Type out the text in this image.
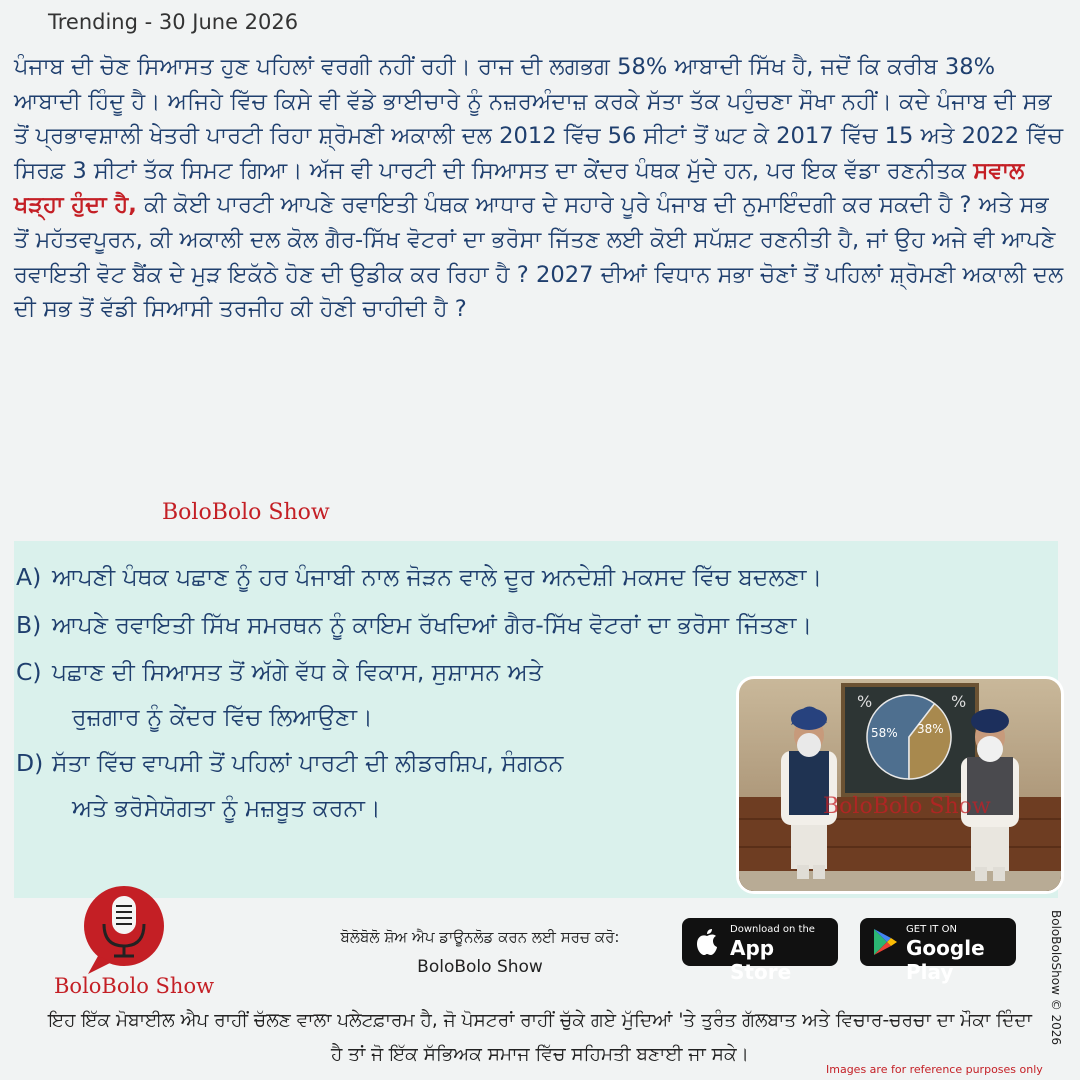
Trending - 30 June 2026

ਪੰਜਾਬ ਦੀ ਚੋਣ ਸਿਆਸਤ ਹੁਣ ਪਹਿਲਾਂ ਵਰਗੀ ਨਹੀਂ ਰਹੀ। ਰਾਜ ਦੀ ਲਗਭਗ 58% ਆਬਾਦੀ ਸਿੱਖ ਹੈ, ਜਦੋਂ ਕਿ ਕਰੀਬ 38% ਆਬਾਦੀ ਹਿੰਦੂ ਹੈ। ਅਜਿਹੇ ਵਿੱਚ ਕਿਸੇ ਵੀ ਵੱਡੇ ਭਾਈਚਾਰੇ ਨੂੰ ਨਜ਼ਰਅੰਦਾਜ਼ ਕਰਕੇ ਸੱਤਾ ਤੱਕ ਪਹੁੰਚਣਾ ਸੌਖਾ ਨਹੀਂ। ਕਦੇ ਪੰਜਾਬ ਦੀ ਸਭ ਤੋਂ ਪ੍ਰਭਾਵਸ਼ਾਲੀ ਖੇਤਰੀ ਪਾਰਟੀ ਰਿਹਾ ਸ਼੍ਰੋਮਣੀ ਅਕਾਲੀ ਦਲ 2012 ਵਿੱਚ 56 ਸੀਟਾਂ ਤੋਂ ਘਟ ਕੇ 2017 ਵਿੱਚ 15 ਅਤੇ 2022 ਵਿੱਚ ਸਿਰਫ਼ 3 ਸੀਟਾਂ ਤੱਕ ਸਿਮਟ ਗਿਆ। ਅੱਜ ਵੀ ਪਾਰਟੀ ਦੀ ਸਿਆਸਤ ਦਾ ਕੇਂਦਰ ਪੰਥਕ ਮੁੱਦੇ ਹਨ, ਪਰ ਇਕ ਵੱਡਾ ਰਣਨੀਤਕ ਸਵਾਲ ਖੜ੍ਹਾ ਹੁੰਦਾ ਹੈ, ਕੀ ਕੋਈ ਪਾਰਟੀ ਆਪਣੇ ਰਵਾਇਤੀ ਪੰਥਕ ਆਧਾਰ ਦੇ ਸਹਾਰੇ ਪੂਰੇ ਪੰਜਾਬ ਦੀ ਨੁਮਾਇੰਦਗੀ ਕਰ ਸਕਦੀ ਹੈ ? ਅਤੇ ਸਭ ਤੋਂ ਮਹੱਤਵਪੂਰਨ, ਕੀ ਅਕਾਲੀ ਦਲ ਕੋਲ ਗੈਰ-ਸਿੱਖ ਵੋਟਰਾਂ ਦਾ ਭਰੋਸਾ ਜਿੱਤਣ ਲਈ ਕੋਈ ਸਪੱਸ਼ਟ ਰਣਨੀਤੀ ਹੈ, ਜਾਂ ਉਹ ਅਜੇ ਵੀ ਆਪਣੇ ਰਵਾਇਤੀ ਵੋਟ ਬੈਂਕ ਦੇ ਮੁੜ ਇਕੱਠੇ ਹੋਣ ਦੀ ਉਡੀਕ ਕਰ ਰਿਹਾ ਹੈ ? 2027 ਦੀਆਂ ਵਿਧਾਨ ਸਭਾ ਚੋਣਾਂ ਤੋਂ ਪਹਿਲਾਂ ਸ਼੍ਰੋਮਣੀ ਅਕਾਲੀ ਦਲ ਦੀ ਸਭ ਤੋਂ ਵੱਡੀ ਸਿਆਸੀ ਤਰਜੀਹ ਕੀ ਹੋਣੀ ਚਾਹੀਦੀ ਹੈ ?

BoloBolo Show
A) ਆਪਣੀ ਪੰਥਕ ਪਛਾਣ ਨੂੰ ਹਰ ਪੰਜਾਬੀ ਨਾਲ ਜੋੜਨ ਵਾਲੇ ਦੂਰ ਅਨਦੇਸ਼ੀ ਮਕਸਦ ਵਿੱਚ ਬਦਲਣਾ।
B) ਆਪਣੇ ਰਵਾਇਤੀ ਸਿੱਖ ਸਮਰਥਨ ਨੂੰ ਕਾਇਮ ਰੱਖਦਿਆਂ ਗੈਰ-ਸਿੱਖ ਵੋਟਰਾਂ ਦਾ ਭਰੋਸਾ ਜਿੱਤਣਾ।
C) ਪਛਾਣ ਦੀ ਸਿਆਸਤ ਤੋਂ ਅੱਗੇ ਵੱਧ ਕੇ ਵਿਕਾਸ, ਸੁਸ਼ਾਸਨ ਅਤੇ
ਰੁਜ਼ਗਾਰ ਨੂੰ ਕੇਂਦਰ ਵਿੱਚ ਲਿਆਉਣਾ।
D) ਸੱਤਾ ਵਿੱਚ ਵਾਪਸੀ ਤੋਂ ਪਹਿਲਾਂ ਪਾਰਟੀ ਦੀ ਲੀਡਰਸ਼ਿਪ, ਸੰਗਠਨ
ਅਤੇ ਭਰੋਸੇਯੋਗਤਾ ਨੂੰ ਮਜ਼ਬੂਤ ਕਰਨਾ।
%	%
58% 38%
BoloBolo Show
BoloBolo Show
ਬੋਲੋਬੋਲੋ ਸ਼ੋਅ ਐਪ ਡਾਊਨਲੋਡ ਕਰਨ ਲਈ ਸਰਚ ਕਰੋ:
BoloBolo Show
Download on the
App Store
GET IT ON
Google Play	BoloBoloShow © 2026

ਇਹ ਇੱਕ ਮੋਬਾਈਲ ਐਪ ਰਾਹੀਂ ਚੱਲਣ ਵਾਲਾ ਪਲੇਟਫ਼ਾਰਮ ਹੈ, ਜੋ ਪੋਸਟਰਾਂ ਰਾਹੀਂ ਚੁੱਕੇ ਗਏ ਮੁੱਦਿਆਂ 'ਤੇ ਤੁਰੰਤ ਗੱਲਬਾਤ ਅਤੇ ਵਿਚਾਰ-ਚਰਚਾ ਦਾ ਮੌਕਾ ਦਿੰਦਾ ਹੈ ਤਾਂ ਜੋ ਇੱਕ ਸੱਭਿਅਕ ਸਮਾਜ ਵਿੱਚ ਸਹਿਮਤੀ ਬਣਾਈ ਜਾ ਸਕੇ।

Images are for reference purposes only
